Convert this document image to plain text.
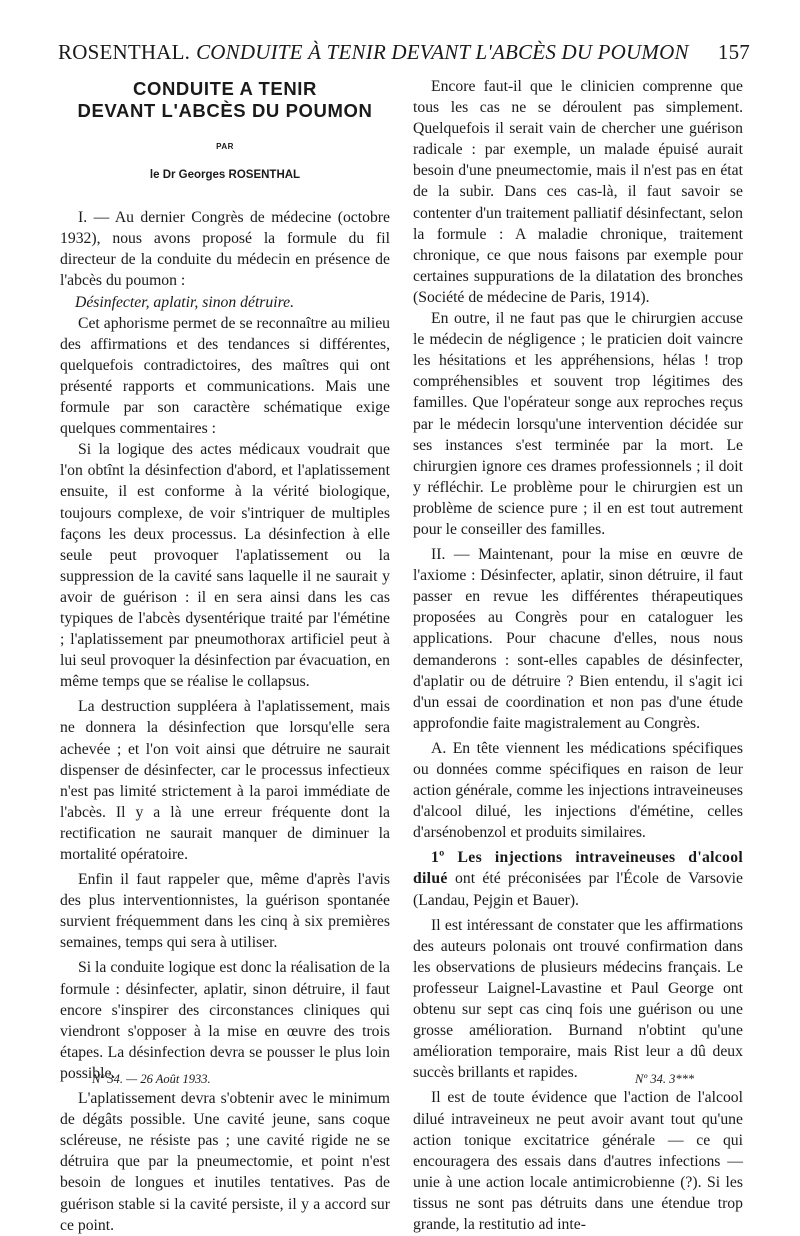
ROSENTHAL. CONDUITE À TENIR DEVANT L'ABCÈS DU POUMON 157
CONDUITE A TENIR
DEVANT L'ABCÈS DU POUMON
PAR
le Dr Georges ROSENTHAL

I. — Au dernier Congrès de médecine (octobre 1932), nous avons proposé la formule du fil directeur de la conduite du médecin en présence de l'abcès du poumon :

Désinfecter, aplatir, sinon détruire.

Cet aphorisme permet de se reconnaître au milieu des affirmations et des tendances si différentes, quelquefois contradictoires, des maîtres qui ont présenté rapports et communications. Mais une formule par son caractère schématique exige quelques commentaires :

Si la logique des actes médicaux voudrait que l'on obtînt la désinfection d'abord, et l'aplatissement ensuite, il est conforme à la vérité biologique, toujours complexe, de voir s'intriquer de multiples façons les deux processus. La désinfection à elle seule peut provoquer l'aplatissement ou la suppression de la cavité sans laquelle il ne saurait y avoir de guérison : il en sera ainsi dans les cas typiques de l'abcès dysentérique traité par l'émétine ; l'aplatissement par pneumothorax artificiel peut à lui seul provoquer la désinfection par évacuation, en même temps que se réalise le collapsus.

La destruction suppléera à l'aplatissement, mais ne donnera la désinfection que lorsqu'elle sera achevée ; et l'on voit ainsi que détruire ne saurait dispenser de désinfecter, car le processus infectieux n'est pas limité strictement à la paroi immédiate de l'abcès. Il y a là une erreur fréquente dont la rectification ne saurait manquer de diminuer la mortalité opératoire.

Enfin il faut rappeler que, même d'après l'avis des plus interventionnistes, la guérison spontanée survient fréquemment dans les cinq à six premières semaines, temps qui sera à utiliser.

Si la conduite logique est donc la réalisation de la formule : désinfecter, aplatir, sinon détruire, il faut encore s'inspirer des circonstances cliniques qui viendront s'opposer à la mise en œuvre des trois étapes. La désinfection devra se pousser le plus loin possible.

L'aplatissement devra s'obtenir avec le minimum de dégâts possible. Une cavité jeune, sans coque scléreuse, ne résiste pas ; une cavité rigide ne se détruira que par la pneumectomie, et point n'est besoin de longues et inutiles tentatives. Pas de guérison stable si la cavité persiste, il y a accord sur ce point.

Encore faut-il que le clinicien comprenne que tous les cas ne se déroulent pas simplement. Quelquefois il serait vain de chercher une guérison radicale : par exemple, un malade épuisé aurait besoin d'une pneumectomie, mais il n'est pas en état de la subir. Dans ces cas-là, il faut savoir se contenter d'un traitement palliatif désinfectant, selon la formule : A maladie chronique, traitement chronique, ce que nous faisons par exemple pour certaines suppurations de la dilatation des bronches (Société de médecine de Paris, 1914).

En outre, il ne faut pas que le chirurgien accuse le médecin de négligence ; le praticien doit vaincre les hésitations et les appréhensions, hélas ! trop compréhensibles et souvent trop légitimes des familles. Que l'opérateur songe aux reproches reçus par le médecin lorsqu'une intervention décidée sur ses instances s'est terminée par la mort. Le chirurgien ignore ces drames professionnels ; il doit y réfléchir. Le problème pour le chirurgien est un problème de science pure ; il en est tout autrement pour le conseiller des familles.

II. — Maintenant, pour la mise en œuvre de l'axiome : Désinfecter, aplatir, sinon détruire, il faut passer en revue les différentes thérapeutiques proposées au Congrès pour en cataloguer les applications. Pour chacune d'elles, nous nous demanderons : sont-elles capables de désinfecter, d'aplatir ou de détruire ? Bien entendu, il s'agit ici d'un essai de coordination et non pas d'une étude approfondie faite magistralement au Congrès.

A. En tête viennent les médications spécifiques ou données comme spécifiques en raison de leur action générale, comme les injections intraveineuses d'alcool dilué, les injections d'émétine, celles d'arsénobenzol et produits similaires.

1º Les injections intraveineuses d'alcool dilué ont été préconisées par l'École de Varsovie (Landau, Pejgin et Bauer).

Il est intéressant de constater que les affirmations des auteurs polonais ont trouvé confirmation dans les observations de plusieurs médecins français. Le professeur Laignel-Lavastine et Paul George ont obtenu sur sept cas cinq fois une guérison ou une grosse amélioration. Burnand n'obtint qu'une amélioration temporaire, mais Rist leur a dû deux succès brillants et rapides.

Il est de toute évidence que l'action de l'alcool dilué intraveineux ne peut avoir avant tout qu'une action tonique excitatrice générale — ce qui encouragera des essais dans d'autres infections — unie à une action locale antimicrobienne (?). Si les tissus ne sont pas détruits dans une étendue trop grande, la restitutio ad inte-

Nº 34. — 26 Août 1933.	Nº 34. 3***
